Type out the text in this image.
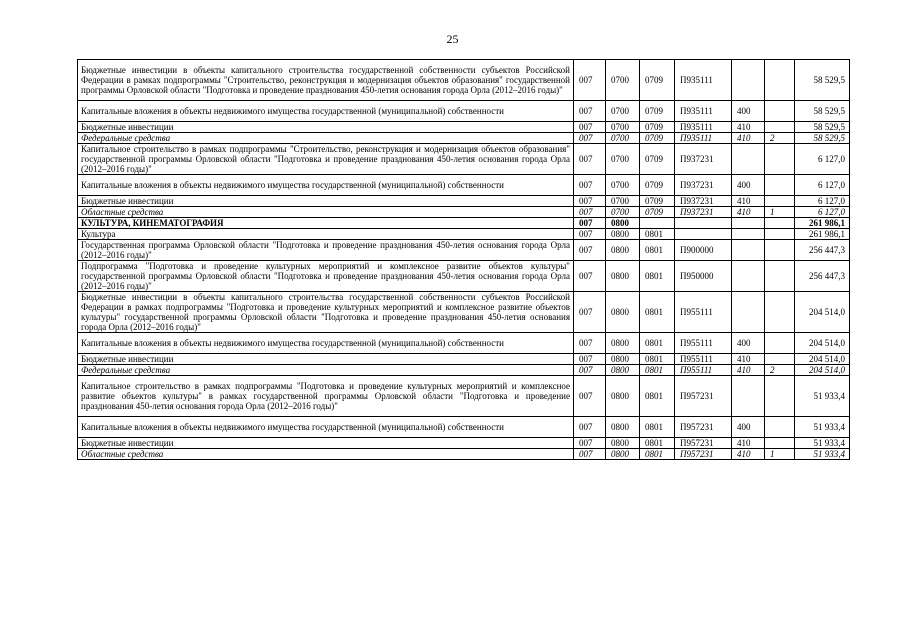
25
Бюджетные инвестиции в объекты капитального строительства государственной собственности субъектов Российской Федерации в рамках подпрограммы "Строительство, реконструкция и модернизация объектов образования" государственной программы Орловской области "Подготовка и проведение празднования 450-летия основания города Орла (2012–2016 годы)"	007	0700	0709	П935111			58 529,5
Капитальные вложения в объекты недвижимого имущества государственной (муниципальной) собственности	007	0700	0709	П935111	400		58 529,5
Бюджетные инвестиции	007	0700	0709	П935111	410		58 529,5
Федеральные средства	007	0700	0709	П935111	410	2	58 529,5
Капитальное строительство в рамках подпрограммы "Строительство, реконструкция и модернизация объектов образования" государственной программы Орловской области "Подготовка и проведение празднования 450-летия основания города Орла (2012–2016 годы)"	007	0700	0709	П937231			6 127,0
Капитальные вложения в объекты недвижимого имущества государственной (муниципальной) собственности	007	0700	0709	П937231	400		6 127,0
Бюджетные инвестиции	007	0700	0709	П937231	410		6 127,0
Областные средства	007	0700	0709	П937231	410	1	6 127,0
КУЛЬТУРА, КИНЕМАТОГРАФИЯ	007	0800					261 986,1
Культура	007	0800	0801				261 986,1
Государственная программа Орловской области "Подготовка и проведение празднования 450-летия основания города Орла (2012–2016 годы)"	007	0800	0801	П900000			256 447,3
Подпрограмма "Подготовка и проведение культурных мероприятий и комплексное развитие объектов культуры" государственной программы Орловской области "Подготовка и проведение празднования 450-летия основания города Орла (2012–2016 годы)"	007	0800	0801	П950000			256 447,3
Бюджетные инвестиции в объекты капитального строительства государственной собственности субъектов Российской Федерации в рамках подпрограммы "Подготовка и проведение культурных мероприятий и комплексное развитие объектов культуры" государственной программы Орловской области "Подготовка и проведение празднования 450-летия основания города Орла (2012–2016 годы)"	007	0800	0801	П955111			204 514,0
Капитальные вложения в объекты недвижимого имущества государственной (муниципальной) собственности	007	0800	0801	П955111	400		204 514,0
Бюджетные инвестиции	007	0800	0801	П955111	410		204 514,0
Федеральные средства	007	0800	0801	П955111	410	2	204 514,0
Капитальное строительство в рамках подпрограммы "Подготовка и проведение культурных мероприятий и комплексное развитие объектов культуры" в рамках государственной программы Орловской области "Подготовка и проведение празднования 450-летия основания города Орла (2012–2016 годы)"	007	0800	0801	П957231			51 933,4
Капитальные вложения в объекты недвижимого имущества государственной (муниципальной) собственности	007	0800	0801	П957231	400		51 933,4
Бюджетные инвестиции	007	0800	0801	П957231	410		51 933,4
Областные средства	007	0800	0801	П957231	410	1	51 933,4
